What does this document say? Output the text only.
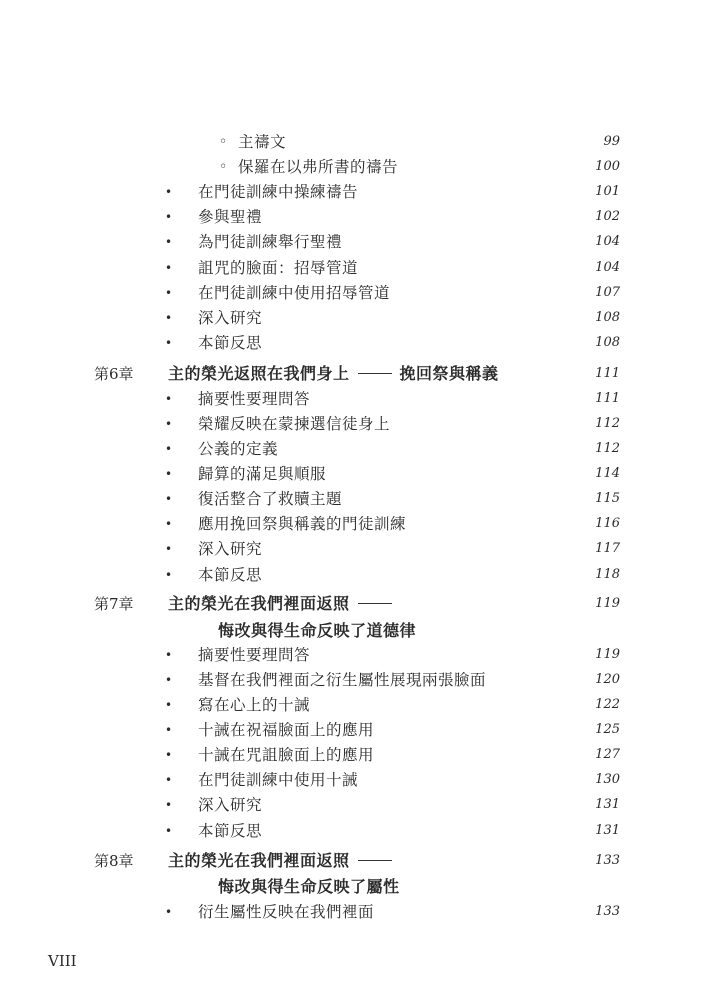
◦ 主禱文	99
◦ 保羅在以弗所書的禱告	100
• 在門徒訓練中操練禱告	101
• 參與聖禮	102
• 為門徒訓練舉行聖禮	104
• 詛咒的臉面：招辱管道	104
• 在門徒訓練中使用招辱管道	107
• 深入研究	108
• 本節反思	108
第6章 主的榮光返照在我們身上	挽回祭與稱義	111
• 摘要性要理問答	111
• 榮耀反映在蒙揀選信徒身上	112
• 公義的定義	112
• 歸算的滿足與順服	114
• 復活整合了救贖主題	115
• 應用挽回祭與稱義的門徒訓練	116
• 深入研究	117
• 本節反思	118
第7章 主的榮光在我們裡面返照	119
悔改與得生命反映了道德律
• 摘要性要理問答	119
• 基督在我們裡面之衍生屬性展現兩張臉面	120
• 寫在心上的十誡	122
• 十誡在祝福臉面上的應用	125
• 十誡在咒詛臉面上的應用	127
• 在門徒訓練中使用十誡	130
• 深入研究	131
• 本節反思	131
第8章 主的榮光在我們裡面返照	133
悔改與得生命反映了屬性
• 衍生屬性反映在我們裡面	133
VIII
